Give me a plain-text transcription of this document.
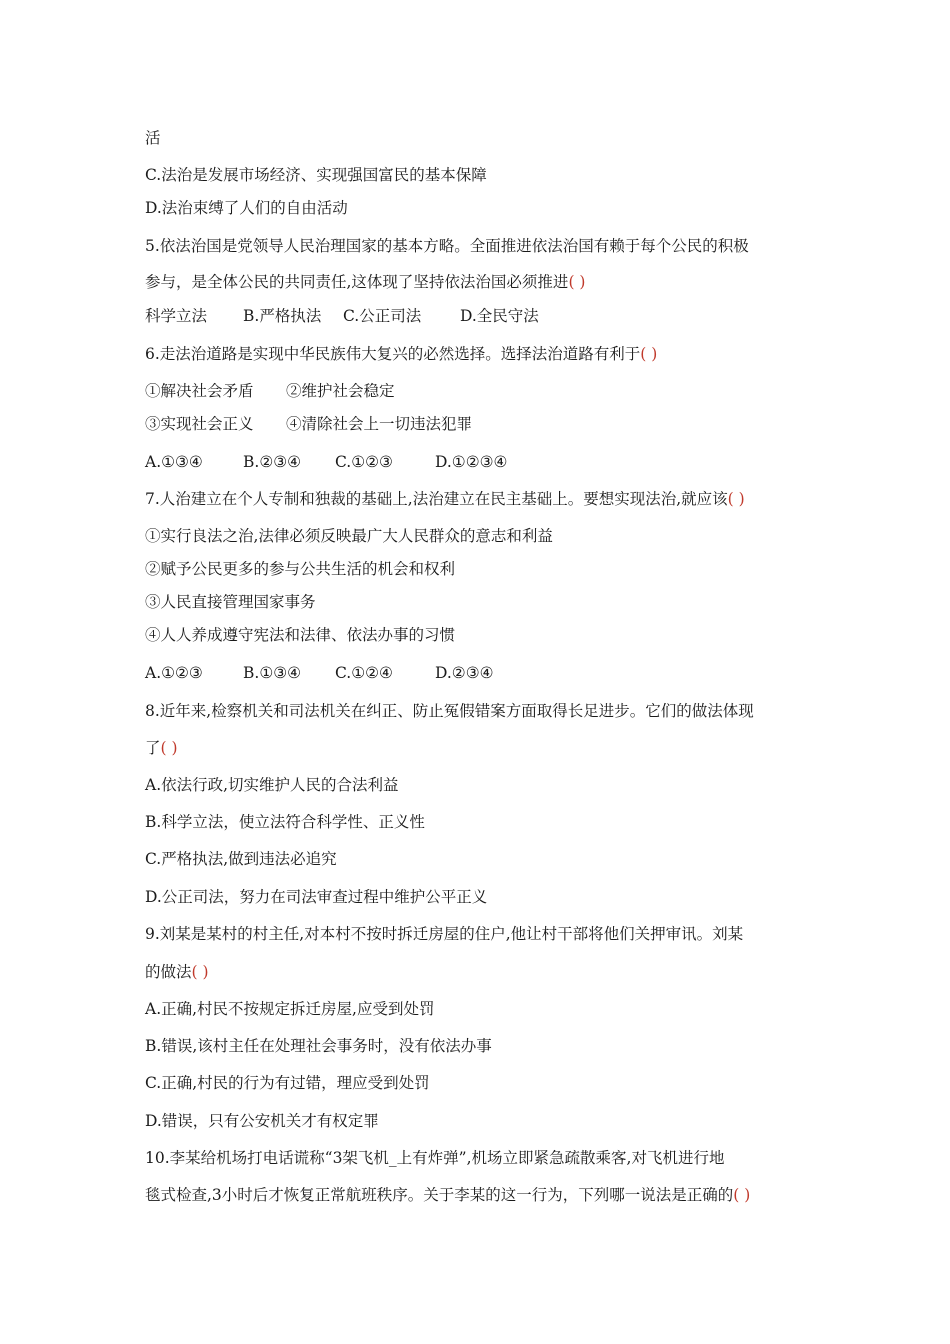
活
C.法治是发展市场经济、实现强国富民的基本保障
D.法治束缚了人们的自由活动
5.依法治国是党领导人民治理国家的基本方略。全面推进依法治国有赖于每个公民的积极
参与，是全体公民的共同责任,这体现了坚持依法治国必须推进( )
科学立法 B.严格执法 C.公正司法	D.全民守法
6.走法治道路是实现中华民族伟大复兴的必然选择。选择法治道路有利于( )
①解决社会矛盾 ②维护社会稳定
③实现社会正义 ④清除社会上一切违法犯罪
A.①③④	B.②③④ C.①②③	D.①②③④
7.人治建立在个人专制和独裁的基础上,法治建立在民主基础上。要想实现法治,就应该( )
①实行良法之治,法律必须反映最广大人民群众的意志和利益
②赋予公民更多的参与公共生活的机会和权利
③人民直接管理国家事务
④人人养成遵守宪法和法律、依法办事的习惯
A.①②③	B.①③④ C.①②④	D.②③④
8.近年来,检察机关和司法机关在纠正、防止冤假错案方面取得长足进步。它们的做法体现
了( )
A.依法行政,切实维护人民的合法利益
B.科学立法，使立法符合科学性、正义性
C.严格执法,做到违法必追究
D.公正司法，努力在司法审查过程中维护公平正义
9.刘某是某村的村主任,对本村不按时拆迁房屋的住户,他让村干部将他们关押审讯。刘某
的做法( )
A.正确,村民不按规定拆迁房屋,应受到处罚
B.错误,该村主任在处理社会事务时，没有依法办事
C.正确,村民的行为有过错，理应受到处罚
D.错误，只有公安机关才有权定罪
10.李某给机场打电话谎称“3架飞机_上有炸弹”,机场立即紧急疏散乘客,对飞机进行地
毯式检查,3小时后才恢复正常航班秩序。关于李某的这一行为，下列哪一说法是正确的( )
